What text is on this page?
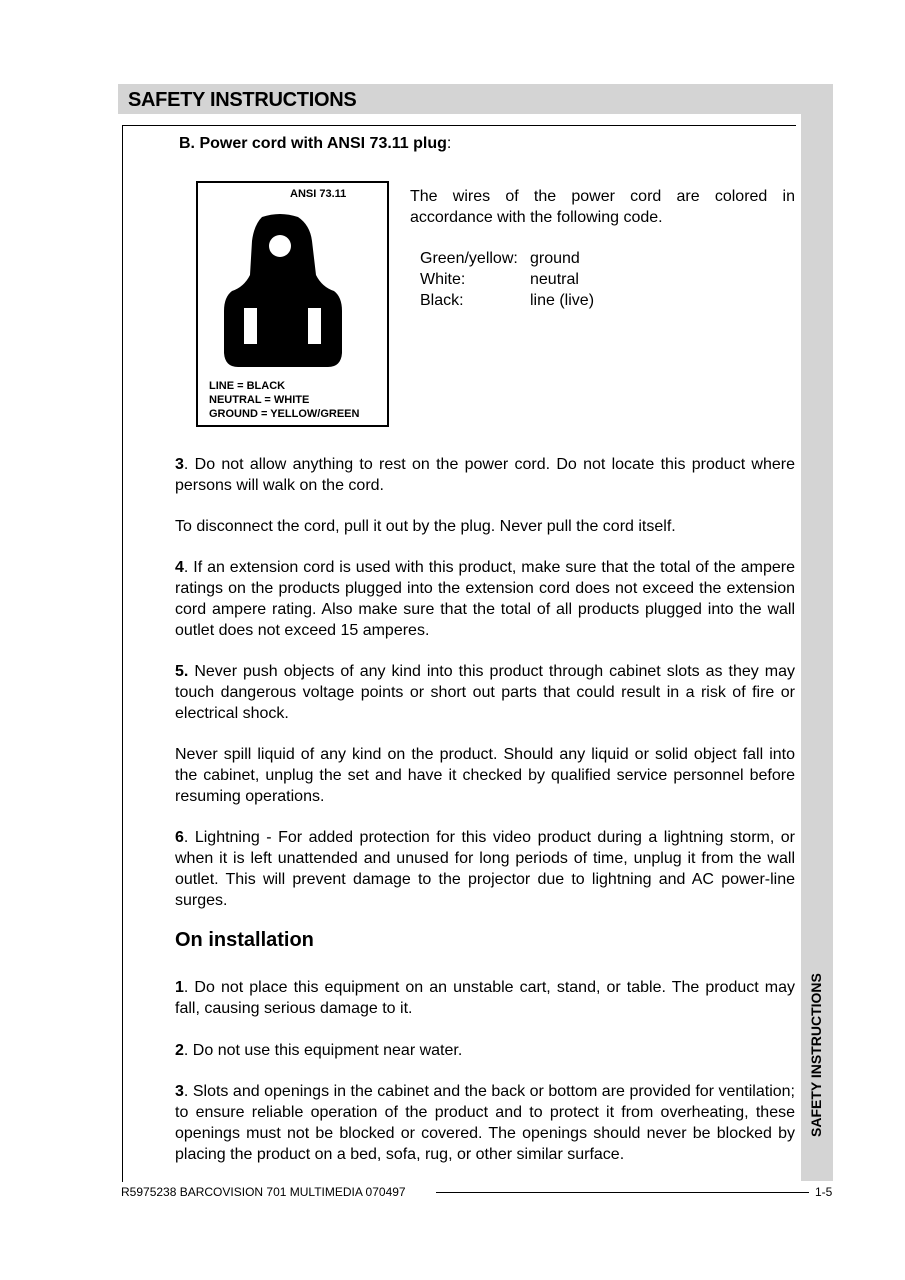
SAFETY INSTRUCTIONS
SAFETY INSTRUCTIONS
B. Power cord with ANSI 73.11 plug:
ANSI 73.11
LINE = BLACK
NEUTRAL = WHITE
GROUND = YELLOW/GREEN
The wires of the power cord are colored in accordance with the following code.
Green/yellow:	ground
White:	neutral
Black:	line (live)
3. Do not allow anything to rest on the power cord. Do not locate this product where persons will walk on the cord.
To disconnect the cord, pull it out by the plug. Never pull the cord itself.
4. If an extension cord is used with this product, make sure that the total of the ampere ratings on the products plugged into the extension cord does not exceed the extension cord ampere rating. Also make sure that the total of all products plugged into the wall outlet does not exceed 15 amperes.
5. Never push objects of any kind into this product through cabinet slots as they may touch dangerous voltage points or short out parts that could result in a risk of fire or electrical shock.
Never spill liquid of any kind on the product. Should any liquid or solid object fall into the cabinet, unplug the set and have it checked by qualified service personnel before resuming operations.
6. Lightning - For added protection for this video product during a lightning storm, or when it is left unattended and unused for long periods of time, unplug it from the wall outlet. This will prevent damage to the projector due to lightning and AC power-line surges.
On installation
1. Do not place this equipment on an unstable cart, stand, or table. The product may fall, causing serious damage to it.
2. Do not use this equipment near water.
3. Slots and openings in the cabinet and the back or bottom are provided for ventilation; to ensure reliable operation of the product and to protect it from overheating, these openings must not be blocked or covered. The openings should never be blocked by placing the product on a bed, sofa, rug, or other similar surface.
R5975238 BARCOVISION 701 MULTIMEDIA 070497	1-5
